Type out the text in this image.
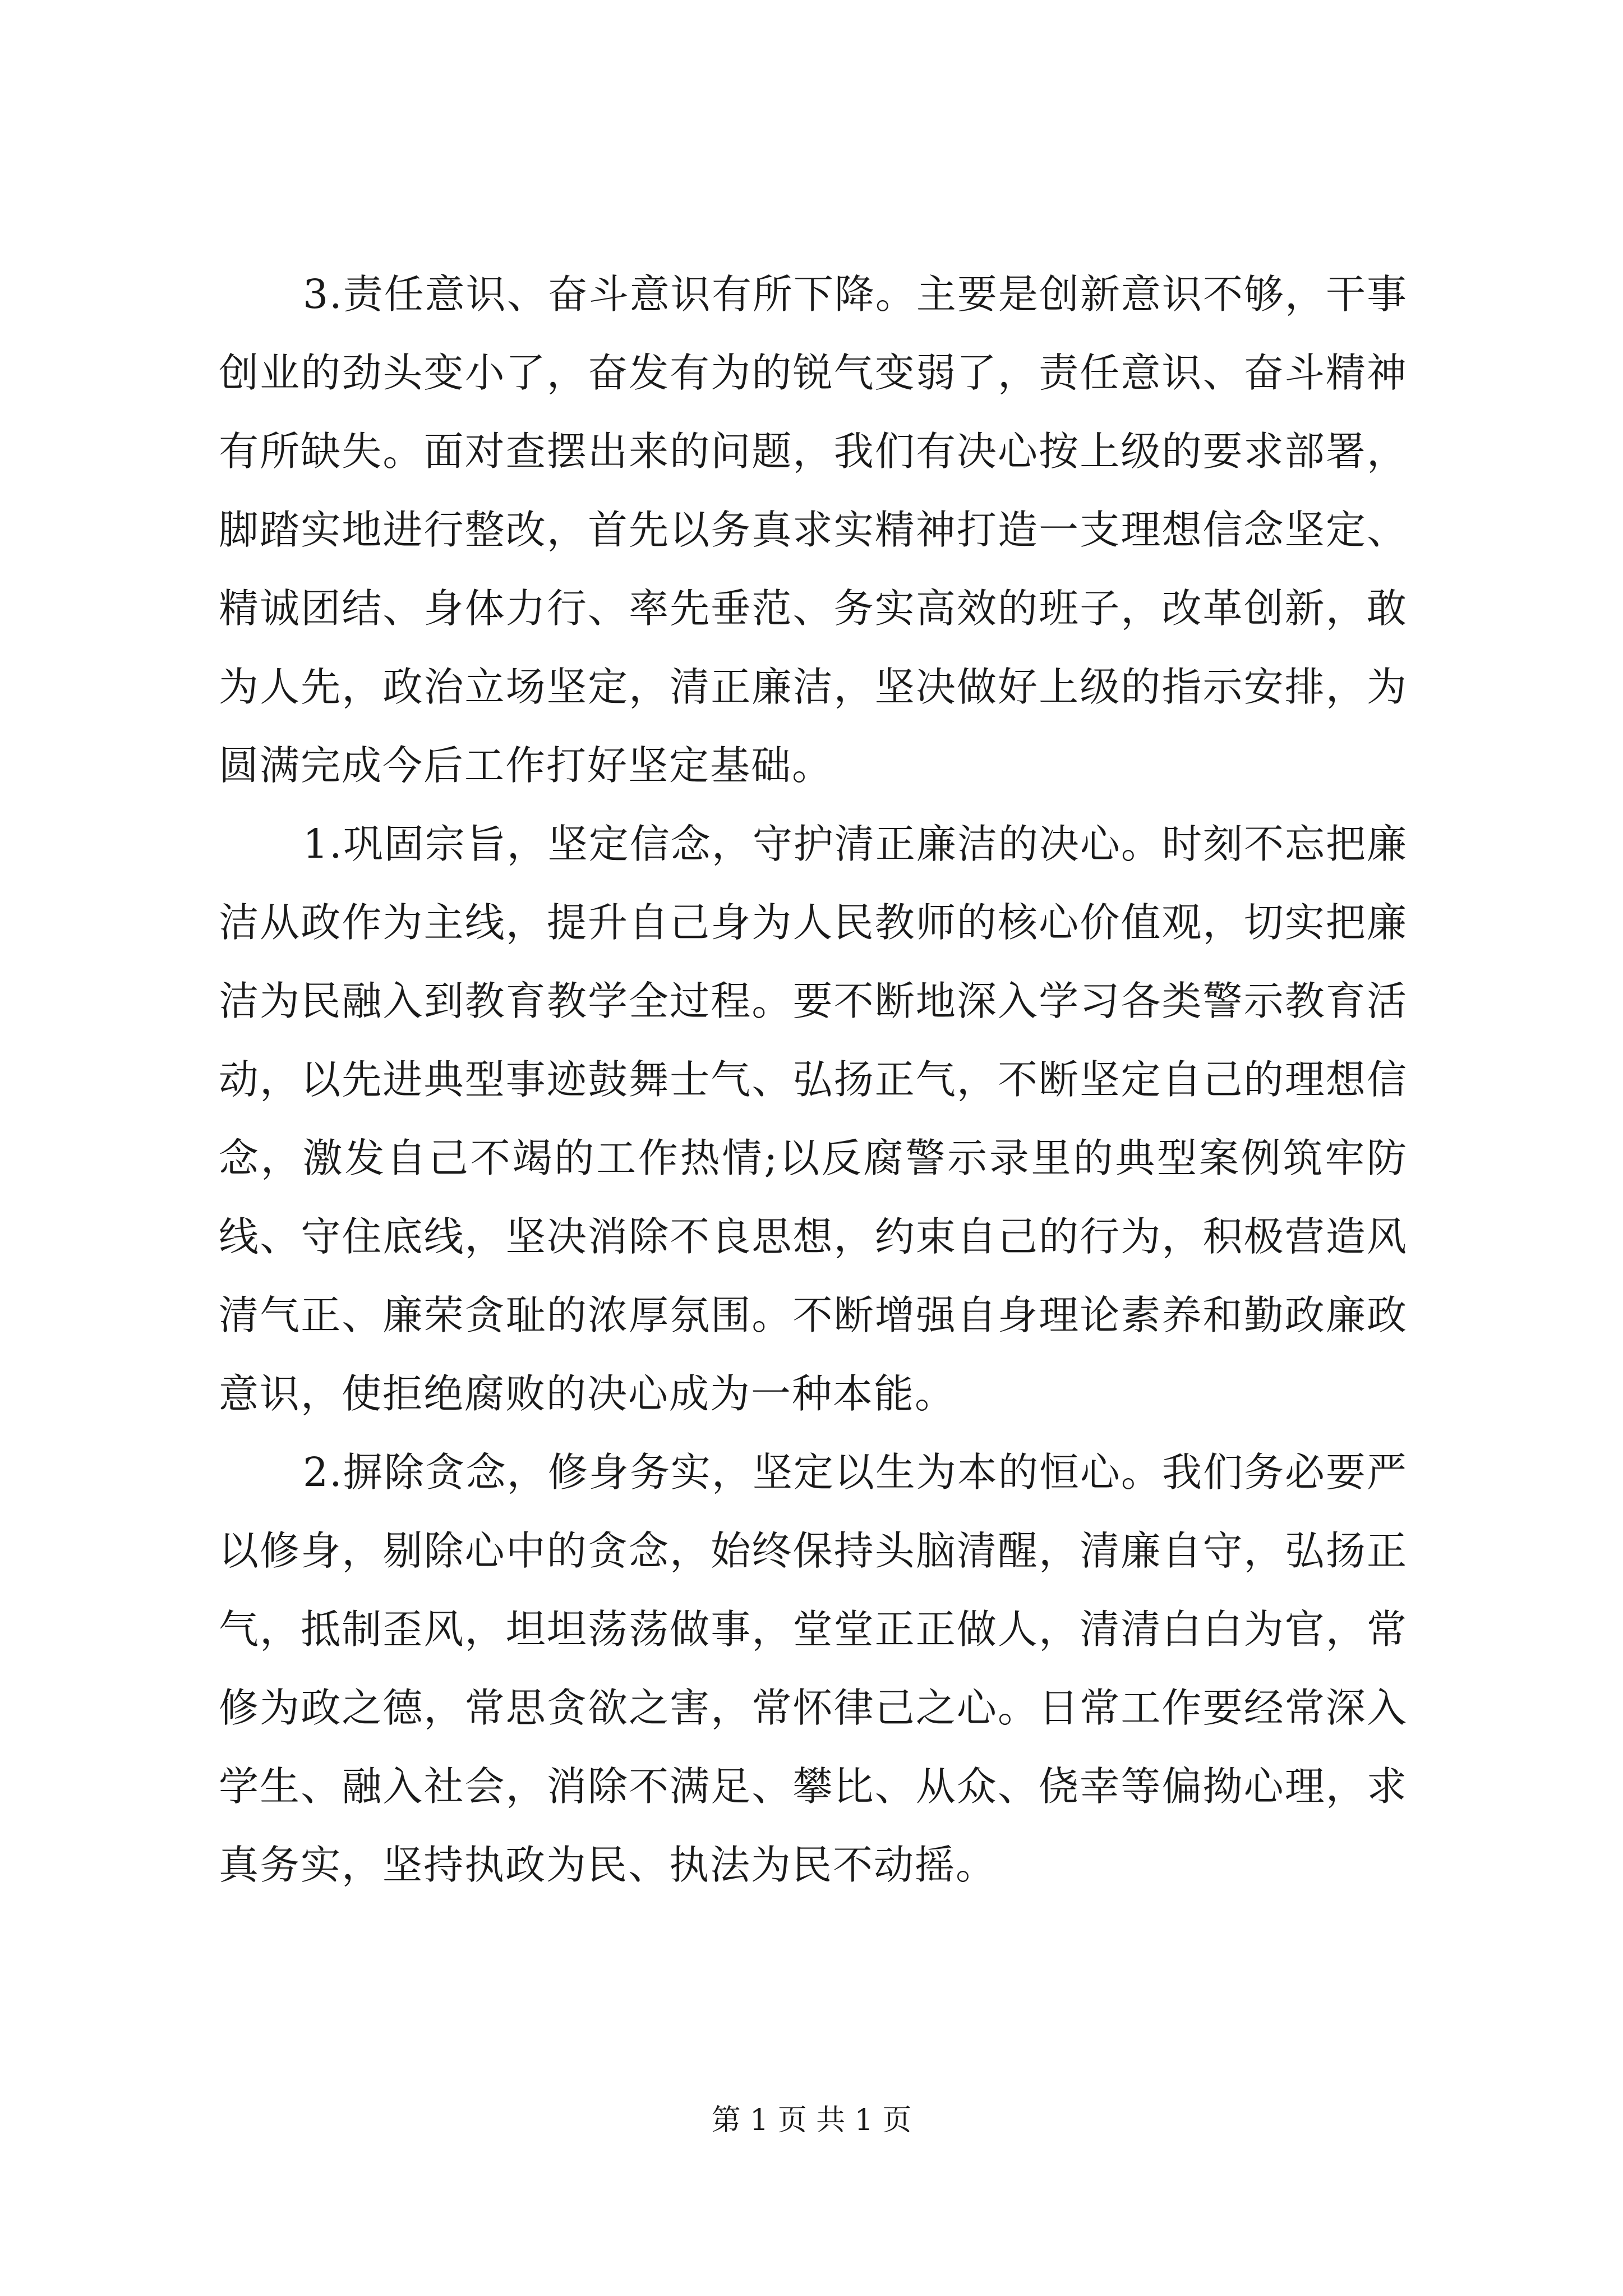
3.责任意识、奋斗意识有所下降。主要是创新意识不够，干事创业的劲头变小了，奋发有为的锐气变弱了，责任意识、奋斗精神有所缺失。面对查摆出来的问题，我们有决心按上级的要求部署，脚踏实地进行整改，首先以务真求实精神打造一支理想信念坚定、精诚团结、身体力行、率先垂范、务实高效的班子，改革创新，敢为人先，政治立场坚定，清正廉洁，坚决做好上级的指示安排，为圆满完成今后工作打好坚定基础。

1.巩固宗旨，坚定信念，守护清正廉洁的决心。时刻不忘把廉洁从政作为主线，提升自己身为人民教师的核心价值观，切实把廉洁为民融入到教育教学全过程。要不断地深入学习各类警示教育活动，以先进典型事迹鼓舞士气、弘扬正气，不断坚定自己的理想信念，激发自己不竭的工作热情;以反腐警示录里的典型案例筑牢防线、守住底线，坚决消除不良思想，约束自己的行为，积极营造风清气正、廉荣贪耻的浓厚氛围。不断增强自身理论素养和勤政廉政意识，使拒绝腐败的决心成为一种本能。

2.摒除贪念，修身务实，坚定以生为本的恒心。我们务必要严以修身，剔除心中的贪念，始终保持头脑清醒，清廉自守，弘扬正气，抵制歪风，坦坦荡荡做事，堂堂正正做人，清清白白为官，常修为政之德，常思贪欲之害，常怀律己之心。日常工作要经常深入学生、融入社会，消除不满足、攀比、从众、侥幸等偏拗心理，求真务实，坚持执政为民、执法为民不动摇。

第 1 页 共 1 页
